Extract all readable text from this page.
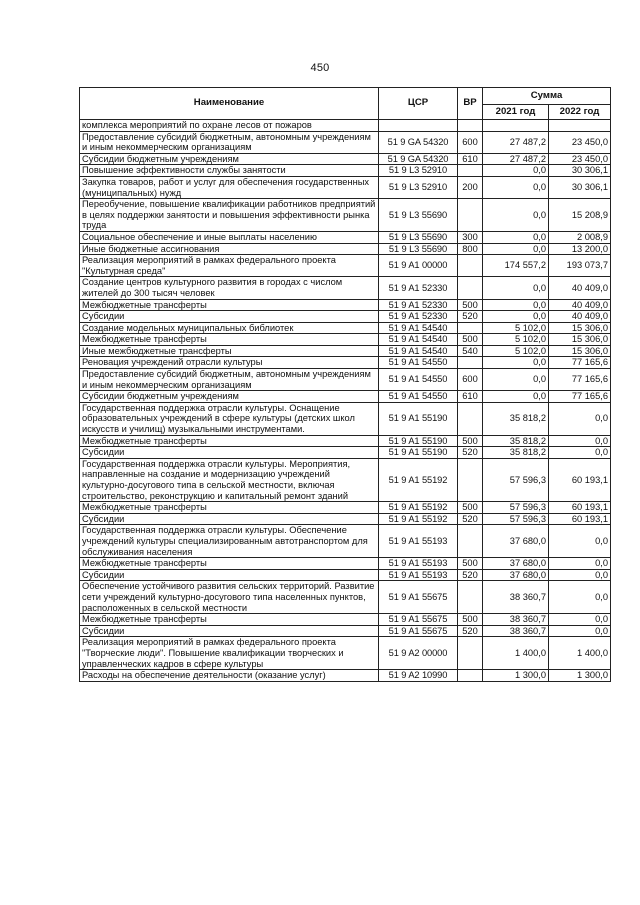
450
Наименование	ЦСР	ВР	Сумма	
			2021 год	2022 год
комплекса мероприятий по охране лесов от пожаров				
Предоставление субсидий бюджетным, автономным учреждениям и иным некоммерческим организациям	51 9 GA 54320	600	27 487,2	23 450,0
Субсидии бюджетным учреждениям	51 9 GA 54320	610	27 487,2	23 450,0
Повышение эффективности службы занятости	51 9 L3 52910		0,0	30 306,1
Закупка товаров, работ и услуг для обеспечения государственных (муниципальных) нужд	51 9 L3 52910	200	0,0	30 306,1
Переобучение, повышение квалификации работников предприятий в целях поддержки занятости и повышения эффективности рынка труда	51 9 L3 55690		0,0	15 208,9
Социальное обеспечение и иные выплаты населению	51 9 L3 55690	300	0,0	2 008,9
Иные бюджетные ассигнования	51 9 L3 55690	800	0,0	13 200,0
Реализация мероприятий в рамках федерального проекта "Культурная среда"	51 9 A1 00000		174 557,2	193 073,7
Создание центров культурного развития в городах с числом жителей до 300 тысяч человек	51 9 A1 52330		0,0	40 409,0
Межбюджетные трансферты	51 9 A1 52330	500	0,0	40 409,0
Субсидии	51 9 A1 52330	520	0,0	40 409,0
Создание модельных муниципальных библиотек	51 9 A1 54540		5 102,0	15 306,0
Межбюджетные трансферты	51 9 A1 54540	500	5 102,0	15 306,0
Иные межбюджетные трансферты	51 9 A1 54540	540	5 102,0	15 306,0
Реновация учреждений отрасли культуры	51 9 A1 54550		0,0	77 165,6
Предоставление субсидий бюджетным, автономным учреждениям и иным некоммерческим организациям	51 9 A1 54550	600	0,0	77 165,6
Субсидии бюджетным учреждениям	51 9 A1 54550	610	0,0	77 165,6
Государственная поддержка отрасли культуры. Оснащение образовательных учреждений в сфере культуры (детских школ искусств и училищ) музыкальными инструментами.	51 9 A1 55190		35 818,2	0,0
Межбюджетные трансферты	51 9 A1 55190	500	35 818,2	0,0
Субсидии	51 9 A1 55190	520	35 818,2	0,0
Государственная поддержка отрасли культуры. Мероприятия, направленные на создание и модернизацию учреждений культурно-досугового типа в сельской местности, включая строительство, реконструкцию и капитальный ремонт зданий	51 9 A1 55192		57 596,3	60 193,1
Межбюджетные трансферты	51 9 A1 55192	500	57 596,3	60 193,1
Субсидии	51 9 A1 55192	520	57 596,3	60 193,1
Государственная поддержка отрасли культуры. Обеспечение учреждений культуры специализированным автотранспортом для обслуживания населения	51 9 A1 55193		37 680,0	0,0
Межбюджетные трансферты	51 9 A1 55193	500	37 680,0	0,0
Субсидии	51 9 A1 55193	520	37 680,0	0,0
Обеспечение устойчивого развития сельских территорий. Развитие сети учреждений культурно-досугового типа населенных пунктов, расположенных в сельской местности	51 9 A1 55675		38 360,7	0,0
Межбюджетные трансферты	51 9 A1 55675	500	38 360,7	0,0
Субсидии	51 9 A1 55675	520	38 360,7	0,0
Реализация мероприятий в рамках федерального проекта "Творческие люди". Повышение квалификации творческих и управленческих кадров в сфере культуры	51 9 A2 00000		1 400,0	1 400,0
Расходы на обеспечение деятельности (оказание услуг)	51 9 A2 10990		1 300,0	1 300,0
